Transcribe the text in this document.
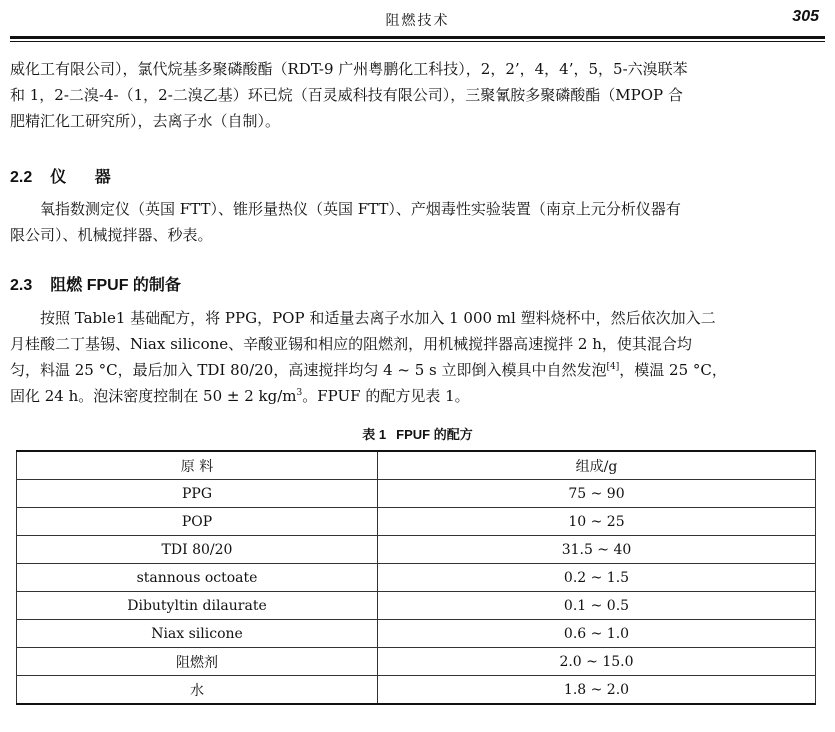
阻燃技术	305

威化工有限公司），氯代烷基多聚磷酸酯（RDT-9 广州粤鹏化工科技），2，2’，4，4’，5，5-六溴联苯

和 1，2-二溴-4-（1，2-二溴乙基）环已烷（百灵威科技有限公司），三聚氰胺多聚磷酸酯（MPOP 合

肥精汇化工研究所），去离子水（自制）。

2.2 仪 器

氧指数测定仪（英国 FTT）、锥形量热仪（英国 FTT）、产烟毒性实验装置（南京上元分析仪器有

限公司）、机械搅拌器、秒表。

2.3 阻燃 FPUF 的制备

按照 Table1 基础配方，将 PPG，POP 和适量去离子水加入 1 000 ml 塑料烧杯中，然后依次加入二

月桂酸二丁基锡、Niax silicone、辛酸亚锡和相应的阻燃剂，用机械搅拌器高速搅拌 2 h，使其混合均

匀，料温 25 °C，最后加入 TDI 80/20，高速搅拌均匀 4 ~ 5 s 立即倒入模具中自然发泡[4]，模温 25 °C，

固化 24 h。泡沫密度控制在 50 ± 2 $kg/m^3$。FPUF 的配方见表 1。

表 1 FPUF 的配方
原 料	组成/g
PPG	75 ~ 90
POP	10 ~ 25
TDI 80/20	31.5 ~ 40
stannous octoate	0.2 ~ 1.5
Dibutyltin dilaurate	0.1 ~ 0.5
Niax silicone	0.6 ~ 1.0
阻燃剂	2.0 ~ 15.0
水	1.8 ~ 2.0
